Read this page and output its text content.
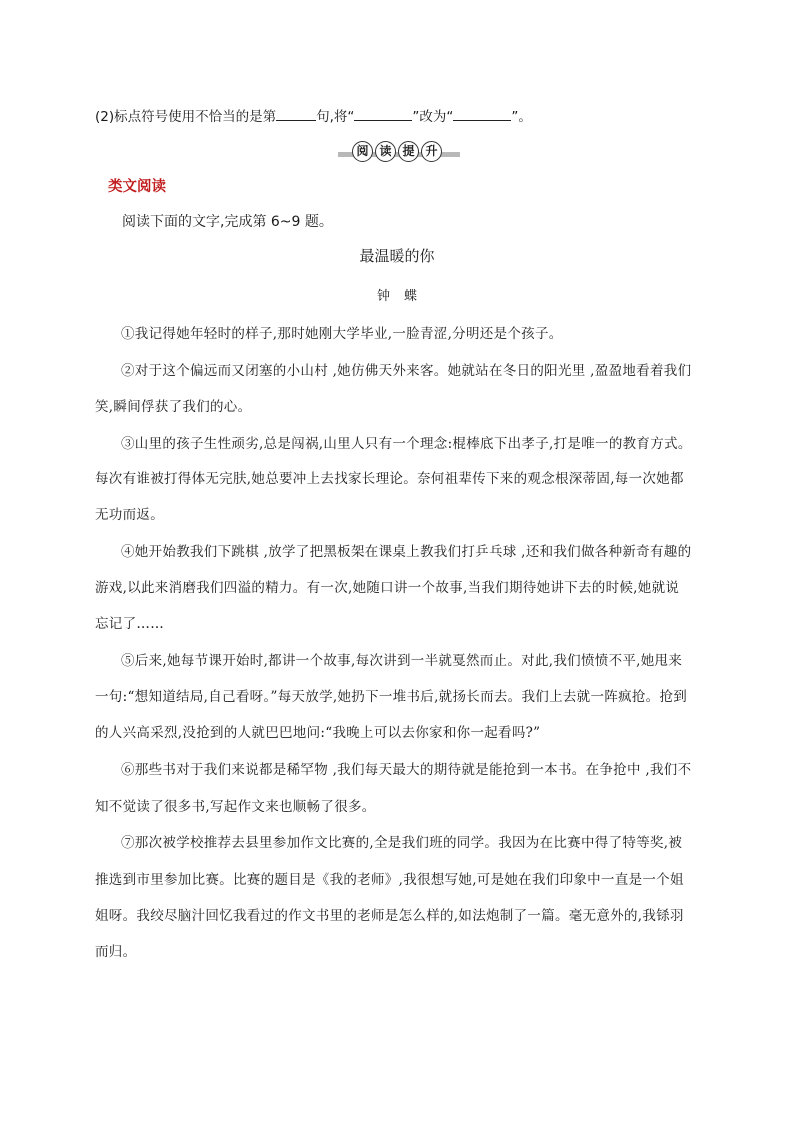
(2)标点符号使用不恰当的是第	句,将“	”改为“	”。
阅 读 提 升
类文阅读
阅读下面的文字,完成第 6~9 题。
最温暖的你
钟蝶
①我记得她年轻时的样子,那时她刚大学毕业,一脸青涩,分明还是个孩子。
②对于这个偏远而又闭塞的小山村 ,她仿佛天外来客。她就站在冬日的阳光里 ,盈盈地看着我们
笑,瞬间俘获了我们的心。
③山里的孩子生性顽劣,总是闯祸,山里人只有一个理念:棍棒底下出孝子,打是唯一的教育方式。
每次有谁被打得体无完肤,她总要冲上去找家长理论。奈何祖辈传下来的观念根深蒂固,每一次她都
无功而返。
④她开始教我们下跳棋 ,放学了把黑板架在课桌上教我们打乒乓球 ,还和我们做各种新奇有趣的
游戏,以此来消磨我们四溢的精力。有一次,她随口讲一个故事,当我们期待她讲下去的时候,她就说
忘记了……
⑤后来,她每节课开始时,都讲一个故事,每次讲到一半就戛然而止。对此,我们愤愤不平,她甩来
一句:“想知道结局,自己看呀。”每天放学,她扔下一堆书后,就扬长而去。我们上去就一阵疯抢。抢到
的人兴高采烈,没抢到的人就巴巴地问:“我晚上可以去你家和你一起看吗?”
⑥那些书对于我们来说都是稀罕物 ,我们每天最大的期待就是能抢到一本书。在争抢中 ,我们不
知不觉读了很多书,写起作文来也顺畅了很多。
⑦那次被学校推荐去县里参加作文比赛的,全是我们班的同学。我因为在比赛中得了特等奖,被
推选到市里参加比赛。比赛的题目是《我的老师》,我很想写她,可是她在我们印象中一直是一个姐
姐呀。我绞尽脑汁回忆我看过的作文书里的老师是怎么样的,如法炮制了一篇。毫无意外的,我铩羽
而归。
